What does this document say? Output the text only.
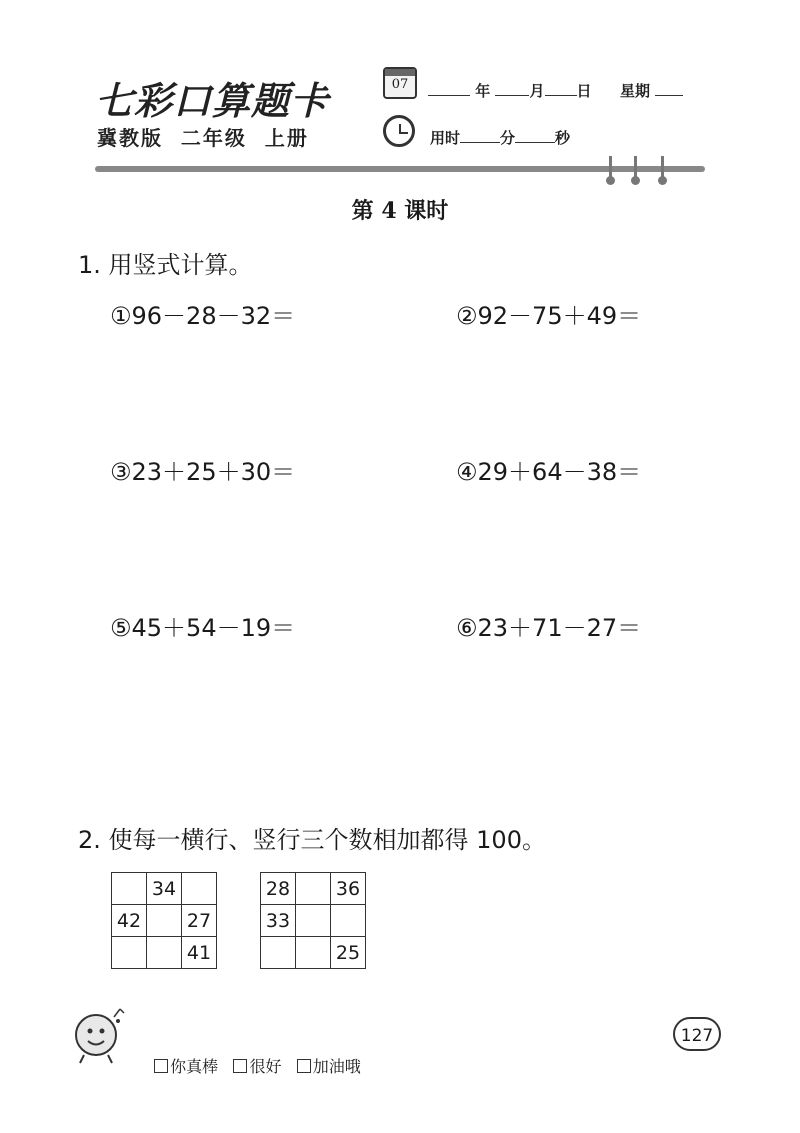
七彩口算题卡
冀教版  二年级  上册
07	年	月 日 星期
用时	分	秒
第 4 课时
1. 用竖式计算。
①96－28－32＝	②92－75＋49＝
③23＋25＋30＝	④29＋64－38＝
⑤45＋54－19＝	⑥23＋71－27＝
2. 使每一横行、竖行三个数相加都得 100。
	34	
42		27
		41
28		36
33		
		25

你真棒 很好 加油哦

127
